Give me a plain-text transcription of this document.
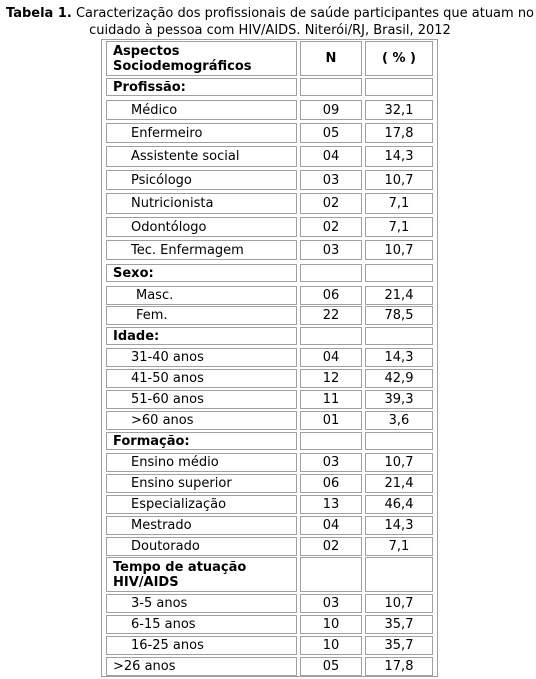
Tabela 1. Caracterização dos profissionais de saúde participantes que atuam no cuidado à pessoa com HIV/AIDS. Niterói/RJ, Brasil, 2012
Aspectos Sociodemográficos	N	( % )
Profissão:
Médico	09	32,1
Enfermeiro	05	17,8
Assistente social	04	14,3
Psicólogo	03	10,7
Nutricionista	02	7,1
Odontólogo	02	7,1
Tec. Enfermagem	03	10,7
Sexo:
Masc.	06	21,4
Fem.	22	78,5
Idade:
31-40 anos	04	14,3
41-50 anos	12	42,9
51-60 anos	11	39,3
>60 anos	01	3,6
Formação:
Ensino médio	03	10,7
Ensino superior	06	21,4
Especialização	13	46,4
Mestrado	04	14,3
Doutorado	02	7,1
Tempo de atuação HIV/AIDS
3-5 anos	03	10,7
6-15 anos	10	35,7
16-25 anos	10	35,7
>26 anos	05	17,8
